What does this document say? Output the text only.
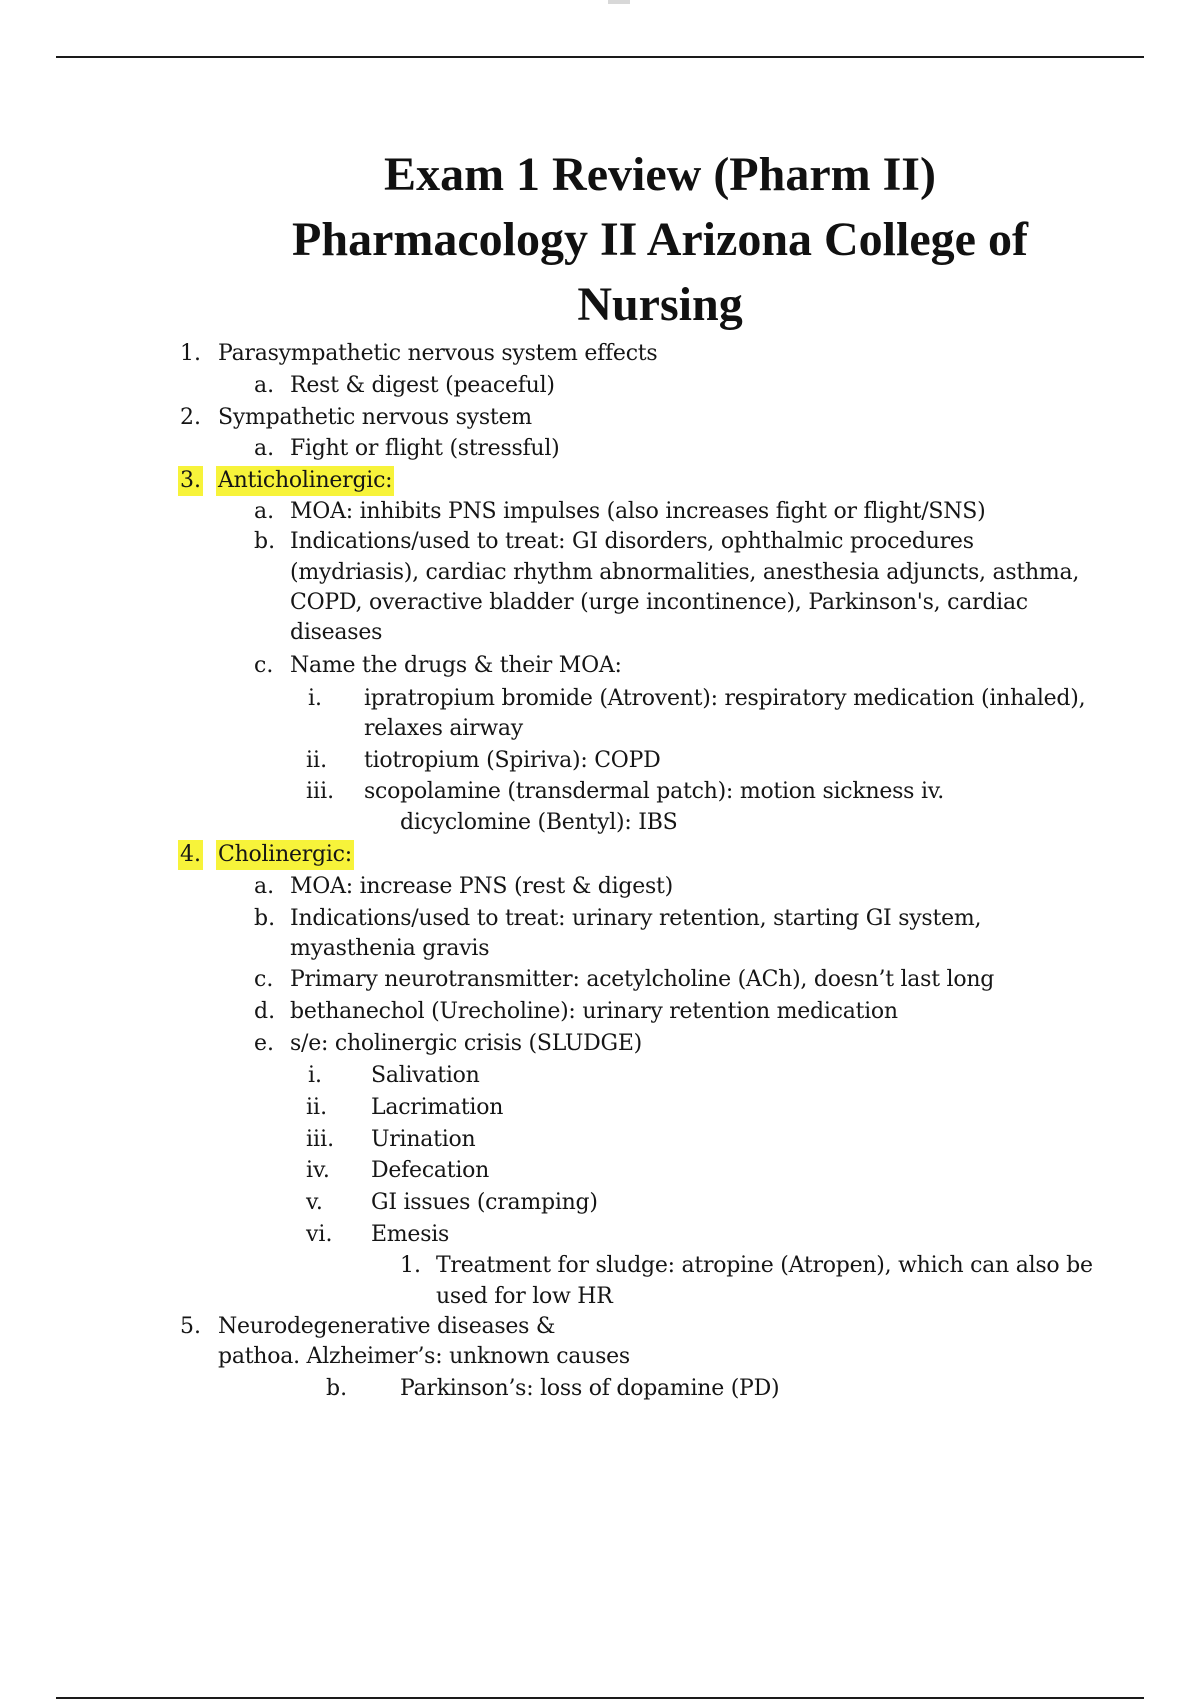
Exam 1 Review (Pharm II)
Pharmacology II Arizona College of
Nursing
1. Parasympathetic nervous system effects
a. Rest & digest (peaceful)
2. Sympathetic nervous system
a. Fight or flight (stressful)
3. Anticholinergic:
a. MOA: inhibits PNS impulses (also increases fight or flight/SNS)
b. Indications/used to treat: GI disorders, ophthalmic procedures
(mydriasis), cardiac rhythm abnormalities, anesthesia adjuncts, asthma,
COPD, overactive bladder (urge incontinence), Parkinson's, cardiac
diseases
c. Name the drugs & their MOA:
i. ipratropium bromide (Atrovent): respiratory medication (inhaled),
relaxes airway
ii. tiotropium (Spiriva): COPD
iii. scopolamine (transdermal patch): motion sickness iv.
dicyclomine (Bentyl): IBS
4. Cholinergic:
a. MOA: increase PNS (rest & digest)
b. Indications/used to treat: urinary retention, starting GI system,
myasthenia gravis
c. Primary neurotransmitter: acetylcholine (ACh), doesn’t last long
d. bethanechol (Urecholine): urinary retention medication
e. s/e: cholinergic crisis (SLUDGE)
i. Salivation
ii. Lacrimation
iii. Urination
iv. Defecation
v. GI issues (cramping)
vi. Emesis
1. Treatment for sludge: atropine (Atropen), which can also be
used for low HR
5. Neurodegenerative diseases &
pathoa. Alzheimer’s: unknown causes
b. Parkinson’s: loss of dopamine (PD)
